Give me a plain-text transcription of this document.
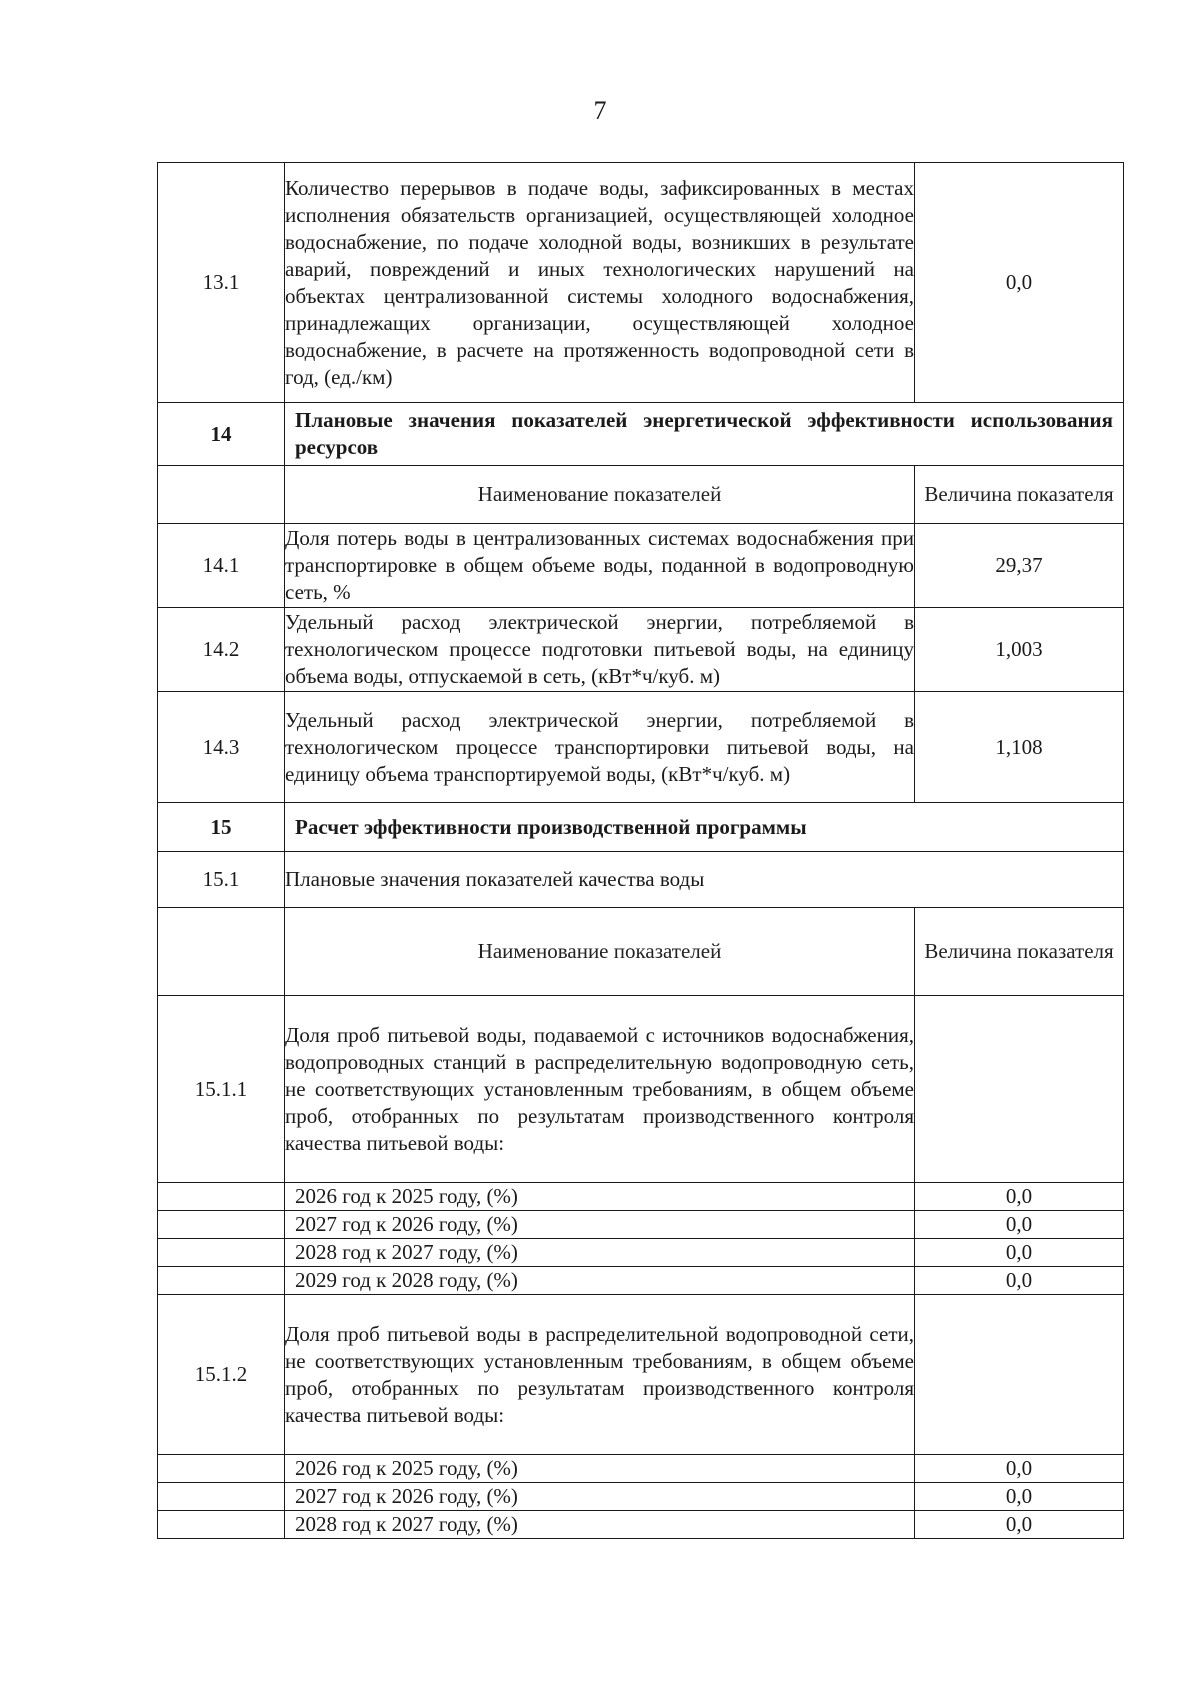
7
13.1	Количество перерывов в подаче воды, зафиксированных в местах исполнения обязательств организацией, осуществляющей холодное водоснабжение, по подаче холодной воды, возникших в результате аварий, повреждений и иных технологических нарушений на объектах централизованной системы холодного водоснабжения, принадлежащих организации, осуществляющей холодное водоснабжение, в расчете на протяженность водопроводной сети в год, (ед./км)	0,0
14	Плановые значения показателей энергетической эффективности использования ресурсов	
	Наименование показателей	Величина показателя
14.1	Доля потерь воды в централизованных системах водоснабжения при транспортировке в общем объеме воды, поданной в водопроводную сеть, %	29,37
14.2	Удельный расход электрической энергии, потребляемой в технологическом процессе подготовки питьевой воды, на единицу объема воды, отпускаемой в сеть, (кВт*ч/куб. м)	1,003
14.3	Удельный расход электрической энергии, потребляемой в технологическом процессе транспортировки питьевой воды, на единицу объема транспортируемой воды, (кВт*ч/куб. м)	1,108
15	Расчет эффективности производственной программы	
15.1	Плановые значения показателей качества воды	
	Наименование показателей	Величина показателя
15.1.1	Доля проб питьевой воды, подаваемой с источников водоснабжения, водопроводных станций в распределительную водопроводную сеть, не соответствующих установленным требованиям, в общем объеме проб, отобранных по результатам производственного контроля качества питьевой воды:	
	2026 год к 2025 году, (%)	0,0
	2027 год к 2026 году, (%)	0,0
	2028 год к 2027 году, (%)	0,0
	2029 год к 2028 году, (%)	0,0
15.1.2	Доля проб питьевой воды в распределительной водопроводной сети, не соответствующих установленным требованиям, в общем объеме проб, отобранных по результатам производственного контроля качества питьевой воды:	
	2026 год к 2025 году, (%)	0,0
	2027 год к 2026 году, (%)	0,0
	2028 год к 2027 году, (%)	0,0
